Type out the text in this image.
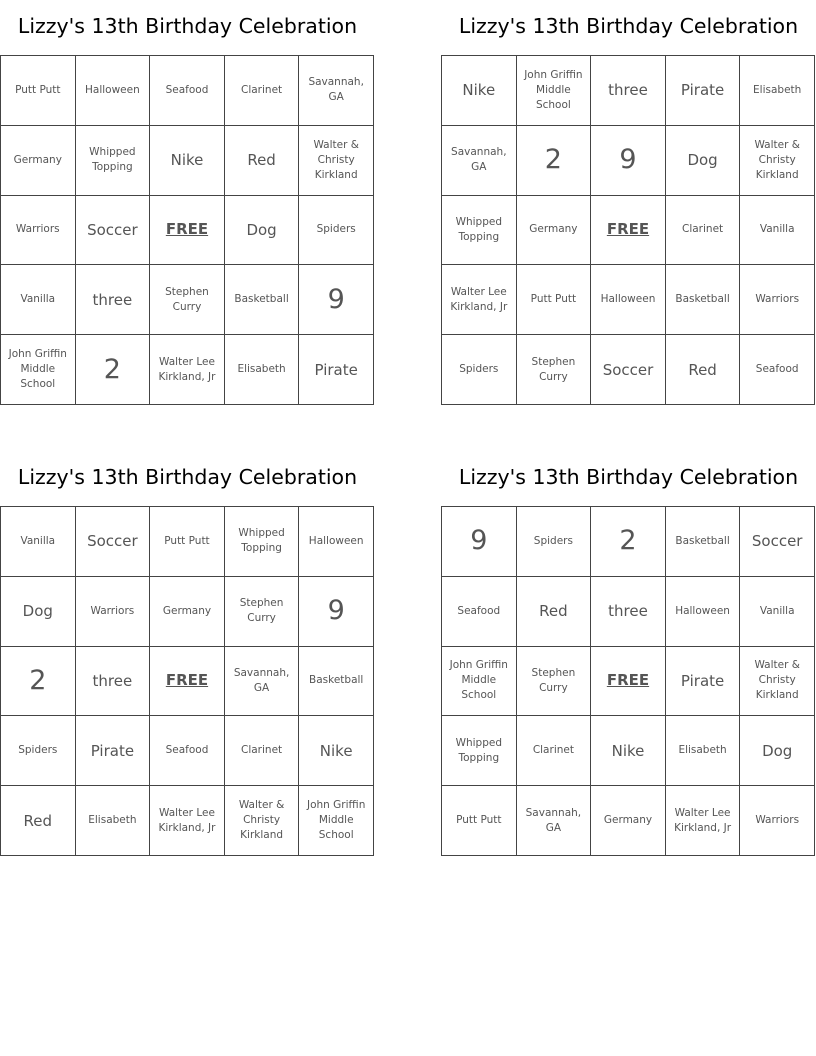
Lizzy's 13th Birthday Celebration
Putt Putt	Halloween	Seafood	Clarinet	Savannah, GA
Germany	Whipped Topping	Nike	Red	Walter & Christy Kirkland
Warriors	Soccer	FREE	Dog	Spiders
Vanilla	three	Stephen Curry	Basketball	9
John Griffin Middle School	2	Walter Lee Kirkland, Jr	Elisabeth	Pirate
Lizzy's 13th Birthday Celebration
Nike	John Griffin Middle School	three	Pirate	Elisabeth
Savannah, GA	2	9	Dog	Walter & Christy Kirkland
Whipped Topping	Germany	FREE	Clarinet	Vanilla
Walter Lee Kirkland, Jr	Putt Putt	Halloween	Basketball	Warriors
Spiders	Stephen Curry	Soccer	Red	Seafood
Lizzy's 13th Birthday Celebration
Vanilla	Soccer	Putt Putt	Whipped Topping	Halloween
Dog	Warriors	Germany	Stephen Curry	9
2	three	FREE	Savannah, GA	Basketball
Spiders	Pirate	Seafood	Clarinet	Nike
Red	Elisabeth	Walter Lee Kirkland, Jr	Walter & Christy Kirkland	John Griffin Middle School
Lizzy's 13th Birthday Celebration
9	Spiders	2	Basketball	Soccer
Seafood	Red	three	Halloween	Vanilla
John Griffin Middle School	Stephen Curry	FREE	Pirate	Walter & Christy Kirkland
Whipped Topping	Clarinet	Nike	Elisabeth	Dog
Putt Putt	Savannah, GA	Germany	Walter Lee Kirkland, Jr	Warriors
